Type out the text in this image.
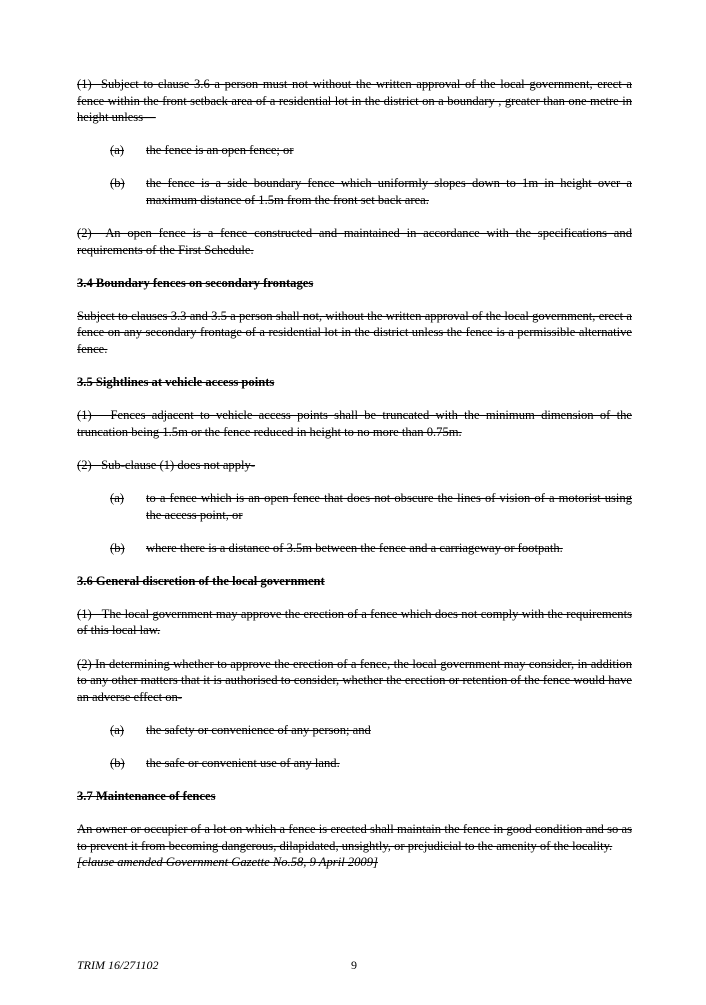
(1)  Subject to clause 3.6 a person must not without the written approval of the local government, erect a fence within the front setback area of a residential lot in the district on a boundary , greater than one metre in height unless—

(a)	the fence is an open fence; or
(b)	the fence is a side boundary fence which uniformly slopes down to 1m in height over a maximum distance of 1.5m from the front set back area.

(2)  An open fence is a fence constructed and maintained in accordance with the specifications and requirements of the First Schedule.

3.4 Boundary fences on secondary frontages

Subject to clauses 3.3 and 3.5 a person shall not, without the written approval of the local government, erect a fence on any secondary frontage of a residential lot in the district unless the fence is a permissible alternative fence.

3.5 Sightlines at vehicle access points

(1)   Fences adjacent to vehicle access points shall be truncated with the minimum dimension of the truncation being 1.5m or the fence reduced in height to no more than 0.75m.

(2)   Sub-clause (1) does not apply-

(a)	to a fence which is an open fence that does not obscure the lines of vision of a motorist using the access point, or
(b)	where there is a distance of 3.5m between the fence and a carriageway or footpath.

3.6 General discretion of the local government

(1)   The local government may approve the erection of a fence which does not comply with the requirements of this local law.

(2) In determining whether to approve the erection of a fence, the local government may consider, in addition to any other matters that it is authorised to consider, whether the erection or retention of the fence would have an adverse effect on-

(a)	the safety or convenience of any person; and
(b)	the safe or convenient use of any land.

3.7 Maintenance of fences

An owner or occupier of a lot on which a fence is erected shall maintain the fence in good condition and so as to prevent it from becoming dangerous, dilapidated, unsightly, or prejudicial to the amenity of the locality.

[clause amended Government Gazette No.58, 9 April 2009]

TRIM 16/271102	9
